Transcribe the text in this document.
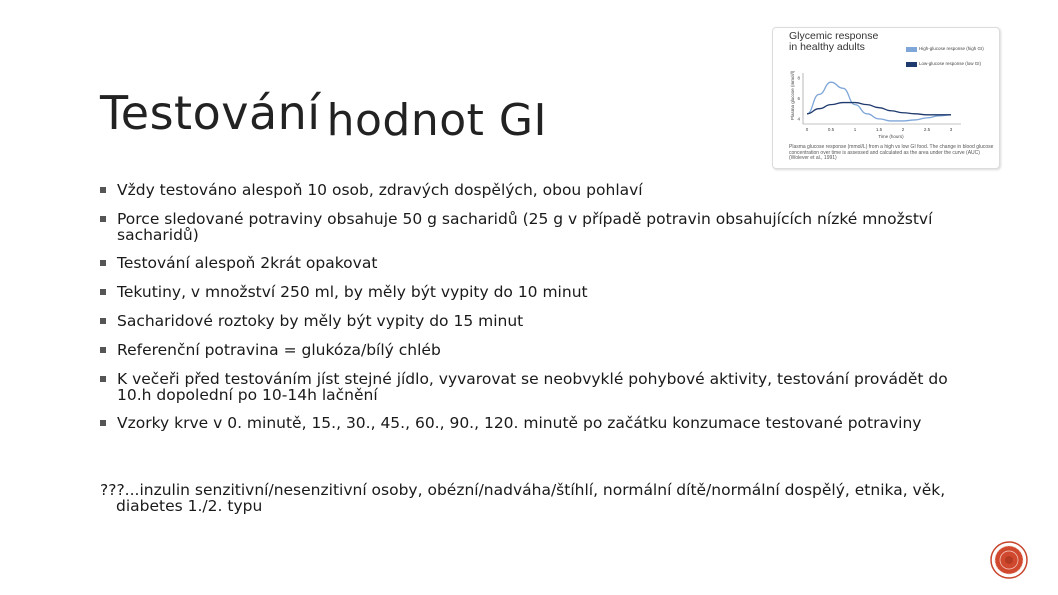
Testování hodnot GI
Vždy testováno alespoň 10 osob, zdravých dospělých, obou pohlaví
Porce sledované potraviny obsahuje 50 g sacharidů (25 g v případě potravin obsahujících nízké množství sacharidů)
Testování alespoň 2krát opakovat
Tekutiny, v množství 250 ml, by měly být vypity do 10 minut
Sacharidové roztoky by měly být vypity do 15 minut
Referenční potravina = glukóza/bílý chléb
K večeři před testováním jíst stejné jídlo, vyvarovat se neobvyklé pohybové aktivity, testování provádět do 10.h dopolední po 10-14h lačnění
Vzorky krve v 0. minutě, 15., 30., 45., 60., 90., 120. minutě po začátku konzumace testované potraviny
???...inzulin senzitivní/nesenzitivní osoby, obézní/nadváha/štíhlí, normální dítě/normální dospělý, etnika, věk,
diabetes 1./2. typu
Glycemic response
in healthy adults
Plasma glucose (mmol/l)
0	0.5	1	1.5	2	2.5	3
8
6
4
Time (hours)
High-glucose response (high GI)
Low-glucose response (low GI)
Plasma glucose response (mmol/L) from a high vs low GI food. The change in blood glucose concentration over time is assessed and calculated as the area under the curve (AUC) (Wolever et al., 1991)
